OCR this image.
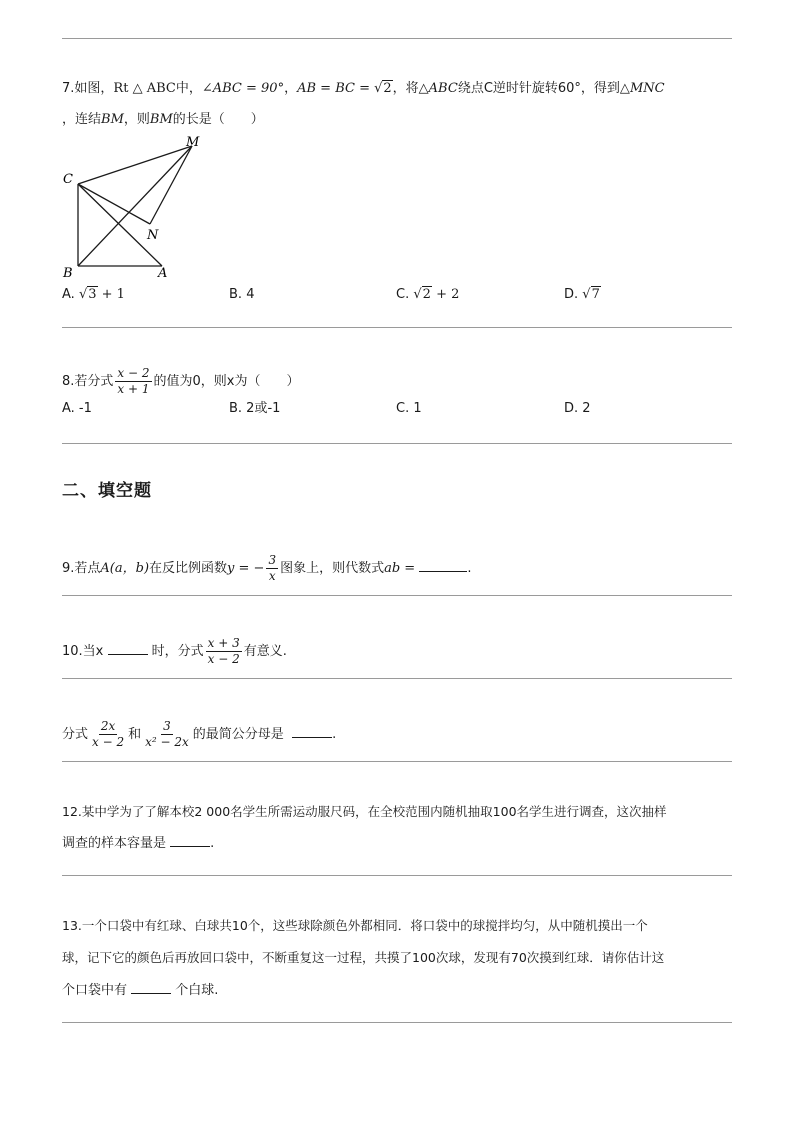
7.如图，Rt △ ABC中，∠ABC = 90°，AB = BC = √2，将△ABC绕点C逆时针旋转60°，得到△MNC
，连结BM，则BM的长是（　　）
M
C
N
B	A
A. √3 + 1	B. 4	C. √2 + 2	D. √7
8.若分式 $\frac{x - 2}{x + 1}$ 的值为0，则x为（　　）
A. -1	B. 2或-1	C. 1	D. 2
二、填空题
9.若点A(a，b)在反比例函数y = − $\frac{3}{x}$ 图象上，则代数式ab =	.
10.当x	时，分式 $\frac{x + 3}{x - 2}$ 有意义.
分式 $\frac{2x}{x - 2}$ 和 $\frac{3}{\text{x² − 2x}}$ 的最简公分母是	.
12.某中学为了了解本校2 000名学生所需运动服尺码，在全校范围内随机抽取100名学生进行调查，这次抽样
调查的样本容量是	.
13.一个口袋中有红球、白球共10个，这些球除颜色外都相同．将口袋中的球搅拌均匀，从中随机摸出一个
球，记下它的颜色后再放回口袋中，不断重复这一过程，共摸了100次球，发现有70次摸到红球．请你估计这
个口袋中有	个白球.
